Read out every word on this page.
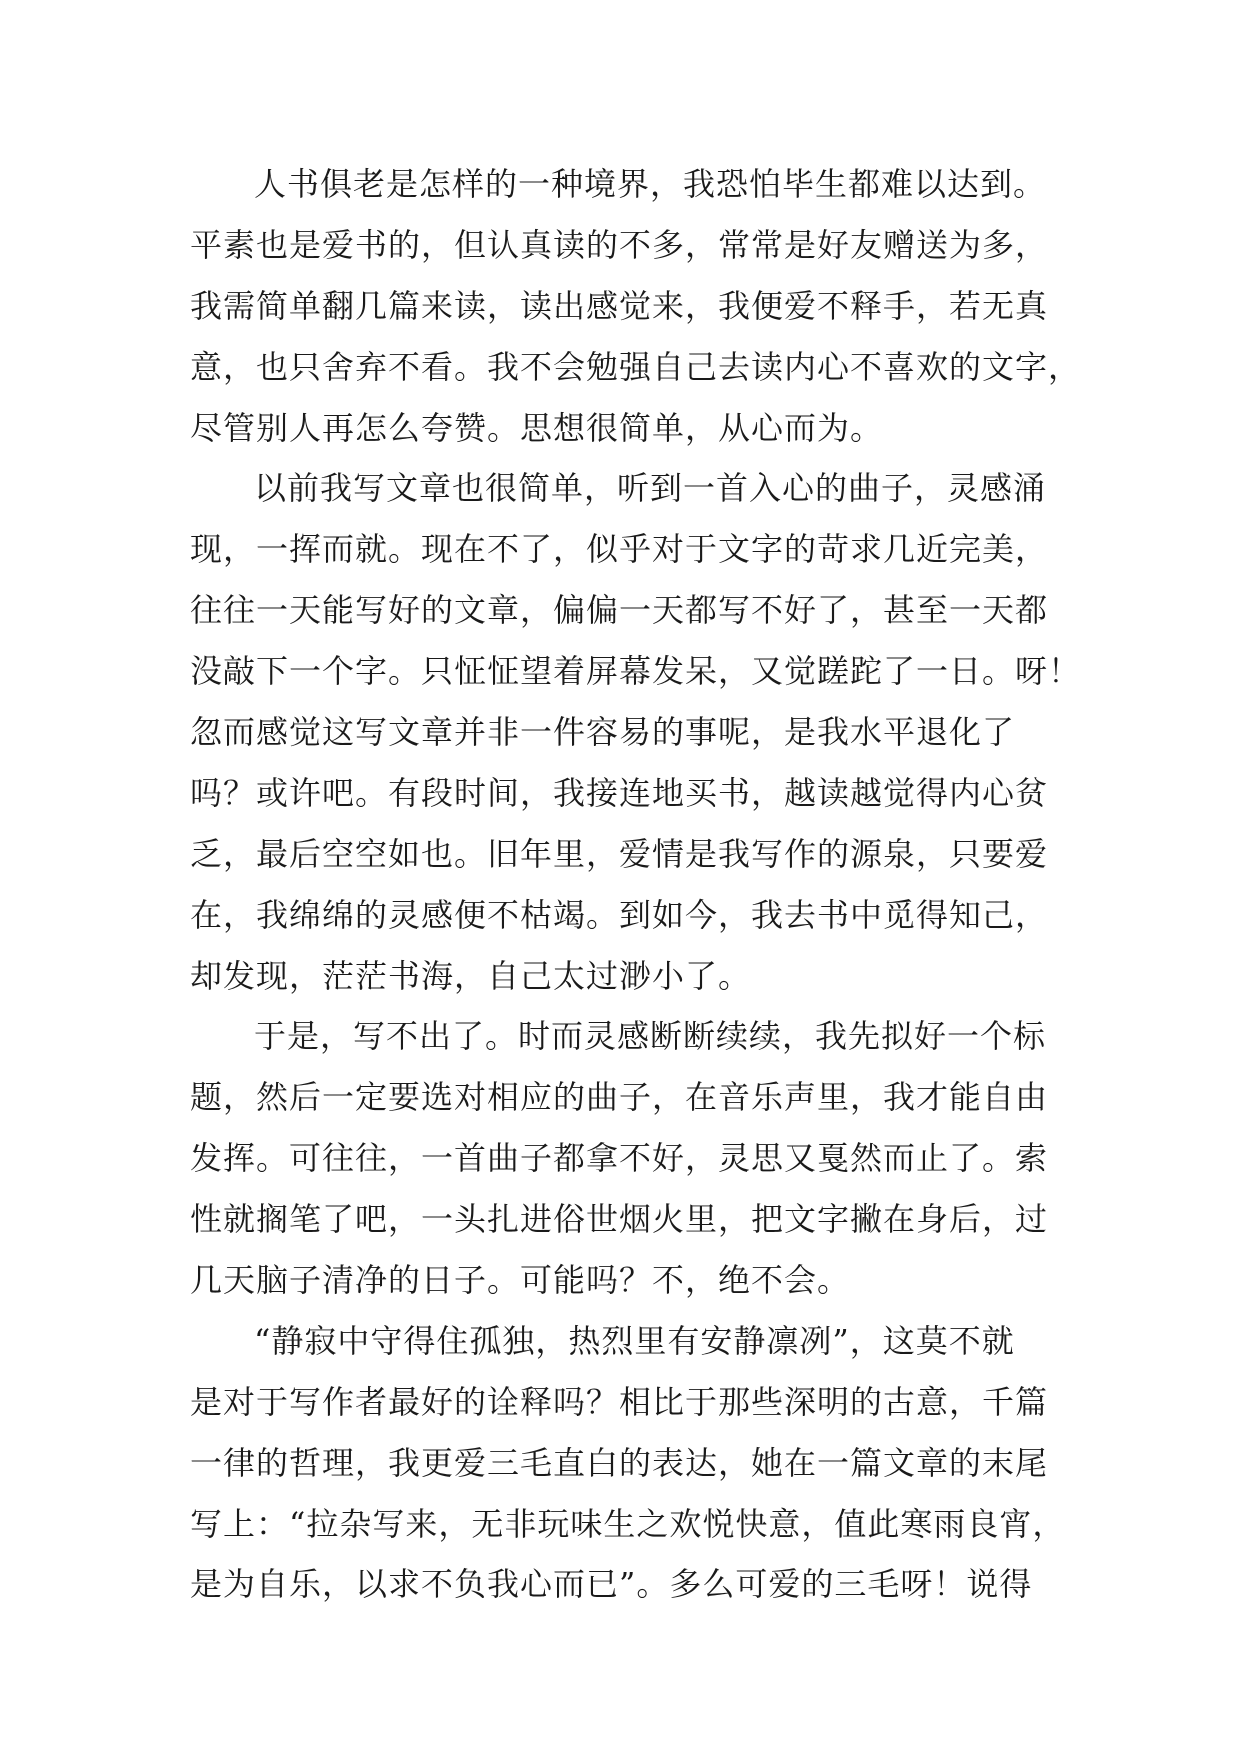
人书俱老是怎样的一种境界，我恐怕毕生都难以达到。
平素也是爱书的，但认真读的不多，常常是好友赠送为多，
我需简单翻几篇来读，读出感觉来，我便爱不释手，若无真
意，也只舍弃不看。我不会勉强自己去读内心不喜欢的文字，
尽管别人再怎么夸赞。思想很简单，从心而为。
以前我写文章也很简单，听到一首入心的曲子，灵感涌
现，一挥而就。现在不了，似乎对于文字的苛求几近完美，
往往一天能写好的文章，偏偏一天都写不好了，甚至一天都
没敲下一个字。只怔怔望着屏幕发呆，又觉蹉跎了一日。呀！
忽而感觉这写文章并非一件容易的事呢，是我水平退化了
吗？或许吧。有段时间，我接连地买书，越读越觉得内心贫
乏，最后空空如也。旧年里，爱情是我写作的源泉，只要爱
在，我绵绵的灵感便不枯竭。到如今，我去书中觅得知己，
却发现，茫茫书海，自己太过渺小了。
于是，写不出了。时而灵感断断续续，我先拟好一个标
题，然后一定要选对相应的曲子，在音乐声里，我才能自由
发挥。可往往，一首曲子都拿不好，灵思又戛然而止了。索
性就搁笔了吧，一头扎进俗世烟火里，把文字撇在身后，过
几天脑子清净的日子。可能吗？不，绝不会。
“静寂中守得住孤独，热烈里有安静凛冽”，这莫不就
是对于写作者最好的诠释吗？相比于那些深明的古意，千篇
一律的哲理，我更爱三毛直白的表达，她在一篇文章的末尾
写上：“拉杂写来，无非玩味生之欢悦快意，值此寒雨良宵，
是为自乐，以求不负我心而已”。多么可爱的三毛呀！说得
